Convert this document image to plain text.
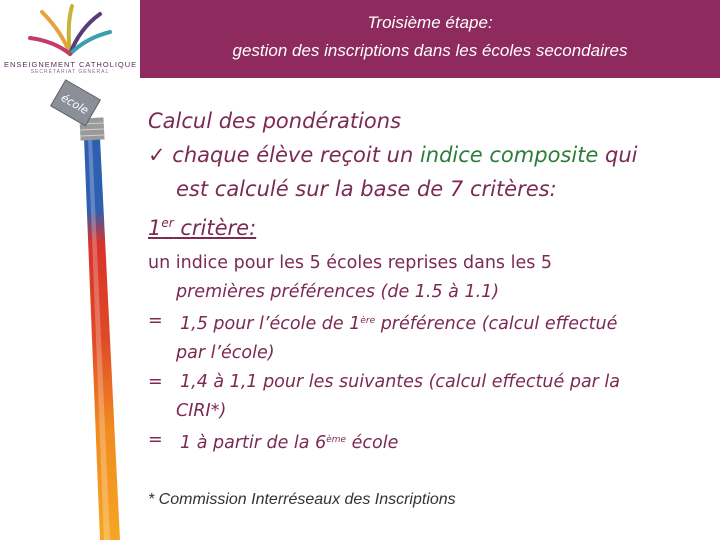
ENSEIGNEMENT CATHOLIQUE
SECRÉTARIAT GÉNÉRAL
Troisième étape:
gestion des inscriptions dans les écoles secondaires
école
Calcul des pondérations
✓ chaque élève reçoit un indice composite qui
est calculé sur la base de 7 critères:
1er critère:
un indice pour les 5 écoles reprises dans les 5
premières préférences (de 1.5 à 1.1)
= 1,5 pour l’école de 1ère préférence (calcul effectué
par l’école)
= 1,4 à 1,1 pour les suivantes (calcul effectué par la
CIRI*)
= 1 à partir de la 6ème école
* Commission Interréseaux des Inscriptions
